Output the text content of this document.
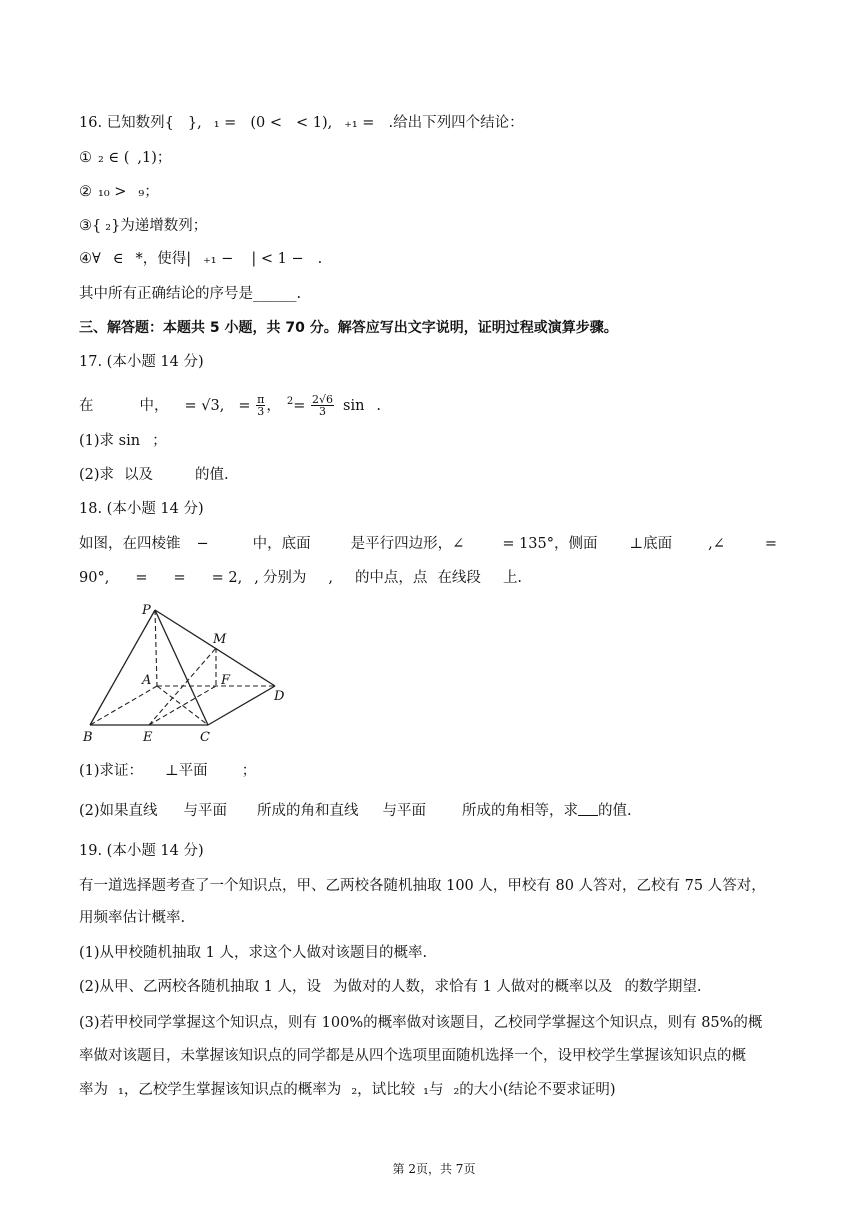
16. 已知数列{ }, ₁ = (0 < < 1), ₊₁ = .给出下列四个结论：
① ₂ ∈ ( ,1)；
② ₁₀ > ₉；
③{ ₂}为递增数列；
④∀ ∈ *，使得| ₊₁ − | < 1 − .
其中所有正确结论的序号是______.
三、解答题：本题共 5 小题，共 70 分。解答应写出文字说明，证明过程或演算步骤。
17. (本小题 14 分)
在	中， = √3, = $\frac{\pi}{3}$ ， $^2= \frac{2√6}{3}$ sin .
(1)求 sin ；
(2)求 以及	的值.
18. (本小题 14 分)
如图，在四棱锥 −	中，底面	是平行四边形，∠	= 135°，侧面 ⊥底面 ,∠	=
90°, = = = 2, , 分别为 , 的中点，点 在线段 上.
P
M
A	F
D
B	E	C
(1)求证： ⊥平面 ；
(2)如果直线 与平面 所成的角和直线 与平面 所成的角相等，求 的值.
19. (本小题 14 分)
有一道选择题考查了一个知识点，甲、乙两校各随机抽取 100 人，甲校有 80 人答对，乙校有 75 人答对，
用频率估计概率.
(1)从甲校随机抽取 1 人，求这个人做对该题目的概率.
(2)从甲、乙两校各随机抽取 1 人，设 为做对的人数，求恰有 1 人做对的概率以及 的数学期望.
(3)若甲校同学掌握这个知识点，则有 100%的概率做对该题目，乙校同学掌握这个知识点，则有 85%的概
率做对该题目，未掌握该知识点的同学都是从四个选项里面随机选择一个，设甲校学生掌握该知识点的概
率为 ₁，乙校学生掌握该知识点的概率为 ₂，试比较 ₁与 ₂的大小(结论不要求证明)
第 2页，共 7页
